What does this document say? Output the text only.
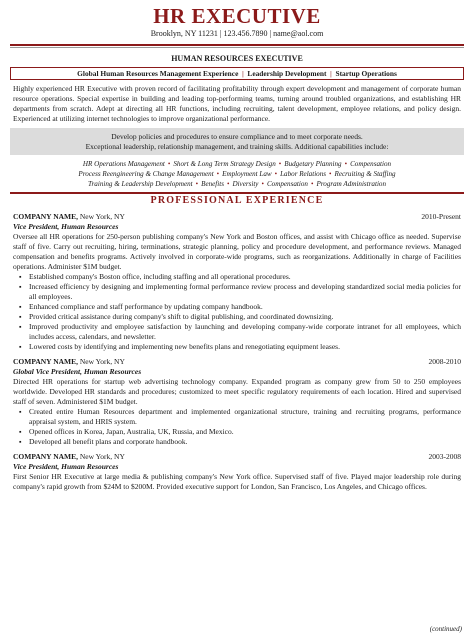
HR EXECUTIVE
Brooklyn, NY 11231 | 123.456.7890 | name@aol.com
HUMAN RESOURCES EXECUTIVE
Global Human Resources Management Experience  |  Leadership Development  |  Startup Operations
Highly experienced HR Executive with proven record of facilitating profitability through expert development and management of corporate human resource operations. Special expertise in building and leading top-performing teams, turning around troubled organizations, and establishing HR departments from scratch. Adept at directing all HR functions, including recruiting, talent development, employee relations, and policy design. Experienced at utilizing internet technologies to improve organizational performance.
Develop policies and procedures to ensure compliance and to meet corporate needs.
Exceptional leadership, relationship management, and training skills. Additional capabilities include:
HR Operations Management • Short & Long Term Strategy Design • Budgetary Planning • Compensation
Process Reengineering & Change Management • Employment Law • Labor Relations • Recruiting & Staffing
Training & Leadership Development • Benefits • Diversity • Compensation • Program Administration
PROFESSIONAL EXPERIENCE
COMPANY NAME, New York, NY	2010-Present
Vice President, Human Resources
Oversee all HR operations for 250-person publishing company's New York and Boston offices, and assist with Chicago office as needed. Supervise staff of five. Carry out recruiting, hiring, terminations, strategic planning, policy and procedure development, and performance reviews. Managed compensation and benefits programs. Actively involved in corporate-wide programs, such as reorganizations. Additionally in charge of Facilities operations. Administer $1M budget.
▪ Established company's Boston office, including staffing and all operational procedures.
▪ Increased efficiency by designing and implementing formal performance review process and developing standardized social media policies for all employees.
▪ Enhanced compliance and staff performance by updating company handbook.
▪ Provided critical assistance during company's shift to digital publishing, and coordinated downsizing.
▪ Improved productivity and employee satisfaction by launching and developing company-wide corporate intranet for all employees, which includes access, calendars, and newsletter.
▪ Lowered costs by identifying and implementing new benefits plans and renegotiating equipment leases.
COMPANY NAME, New York, NY	2008-2010
Global Vice President, Human Resources
Directed HR operations for startup web advertising technology company. Expanded program as company grew from 50 to 250 employees worldwide. Developed HR standards and procedures; customized to meet specific regulatory requirements of each location. Hired and supervised staff of seven. Administered $1M budget.
▪ Created entire Human Resources department and implemented organizational structure, training and recruiting programs, performance appraisal system, and HRIS system.
▪ Opened offices in Korea, Japan, Australia, UK, Russia, and Mexico.
▪ Developed all benefit plans and corporate handbook.
COMPANY NAME, New York, NY	2003-2008
Vice President, Human Resources
First Senior HR Executive at large media & publishing company's New York office. Supervised staff of five. Played major leadership role during company's rapid growth from $24M to $200M. Provided executive support for London, San Francisco, Los Angeles, and Chicago offices.
(continued)
